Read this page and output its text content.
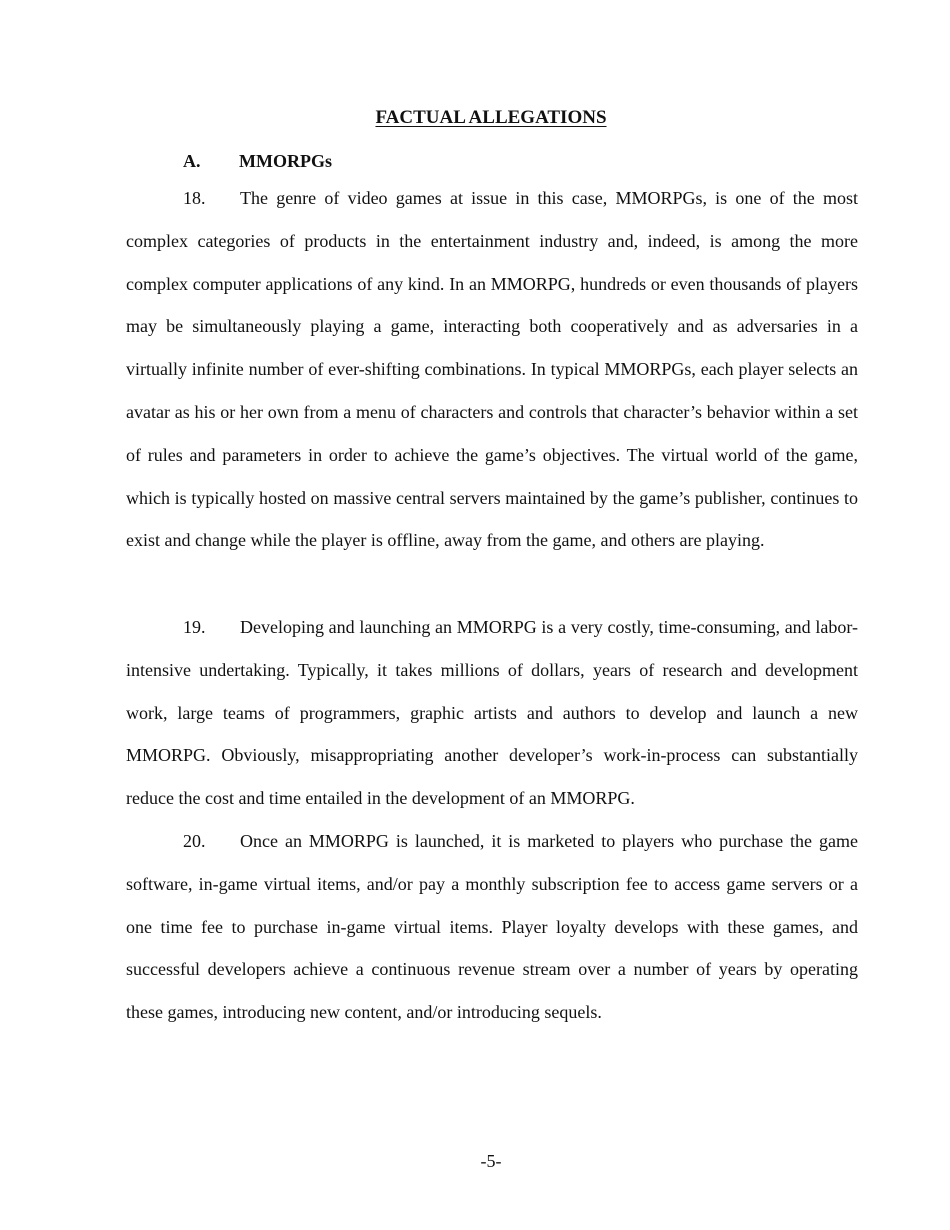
FACTUAL ALLEGATIONS
A. MMORPGs

18. The genre of video games at issue in this case, MMORPGs, is one of the most complex categories of products in the entertainment industry and, indeed, is among the more complex computer applications of any kind. In an MMORPG, hundreds or even thousands of players may be simultaneously playing a game, interacting both cooperatively and as adversaries in a virtually infinite number of ever-shifting combinations. In typical MMORPGs, each player selects an avatar as his or her own from a menu of characters and controls that character’s behavior within a set of rules and parameters in order to achieve the game’s objectives. The virtual world of the game, which is typically hosted on massive central servers maintained by the game’s publisher, continues to exist and change while the player is offline, away from the game, and others are playing.

19. Developing and launching an MMORPG is a very costly, time-consuming, and labor-intensive undertaking. Typically, it takes millions of dollars, years of research and development work, large teams of programmers, graphic artists and authors to develop and launch a new MMORPG. Obviously, misappropriating another developer’s work-in-process can substantially reduce the cost and time entailed in the development of an MMORPG.

20. Once an MMORPG is launched, it is marketed to players who purchase the game software, in-game virtual items, and/or pay a monthly subscription fee to access game servers or a one time fee to purchase in-game virtual items. Player loyalty develops with these games, and successful developers achieve a continuous revenue stream over a number of years by operating these games, introducing new content, and/or introducing sequels.

-5-
